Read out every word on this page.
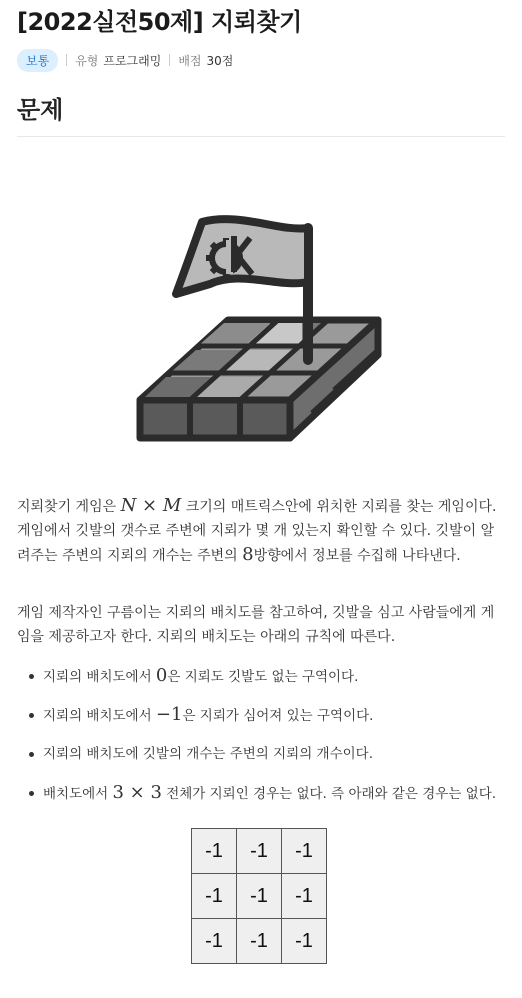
[2022실전50제] 지뢰찾기
보통	유형 프로그래밍 배점 30점
문제

지뢰찾기 게임은 N × M 크기의 매트릭스안에 위치한 지뢰를 찾는 게임이다. 게임에서 깃발의 갯수로 주변에 지뢰가 몇 개 있는지 확인할 수 있다. 깃발이 알려주는 주변의 지뢰의 개수는 주변의 8방향에서 정보를 수집해 나타낸다.

게임 제작자인 구름이는 지뢰의 배치도를 참고하여, 깃발을 심고 사람들에게 게임을 제공하고자 한다. 지뢰의 배치도는 아래의 규칙에 따른다.

지뢰의 배치도에서 0은 지뢰도 깃발도 없는 구역이다.
지뢰의 배치도에서 −1은 지뢰가 심어져 있는 구역이다.
지뢰의 배치도에 깃발의 개수는 주변의 지뢰의 개수이다.
배치도에서 3 × 3 전체가 지뢰인 경우는 없다. 즉 아래와 같은 경우는 없다.
-1	-1	-1
-1	-1	-1
-1	-1	-1
